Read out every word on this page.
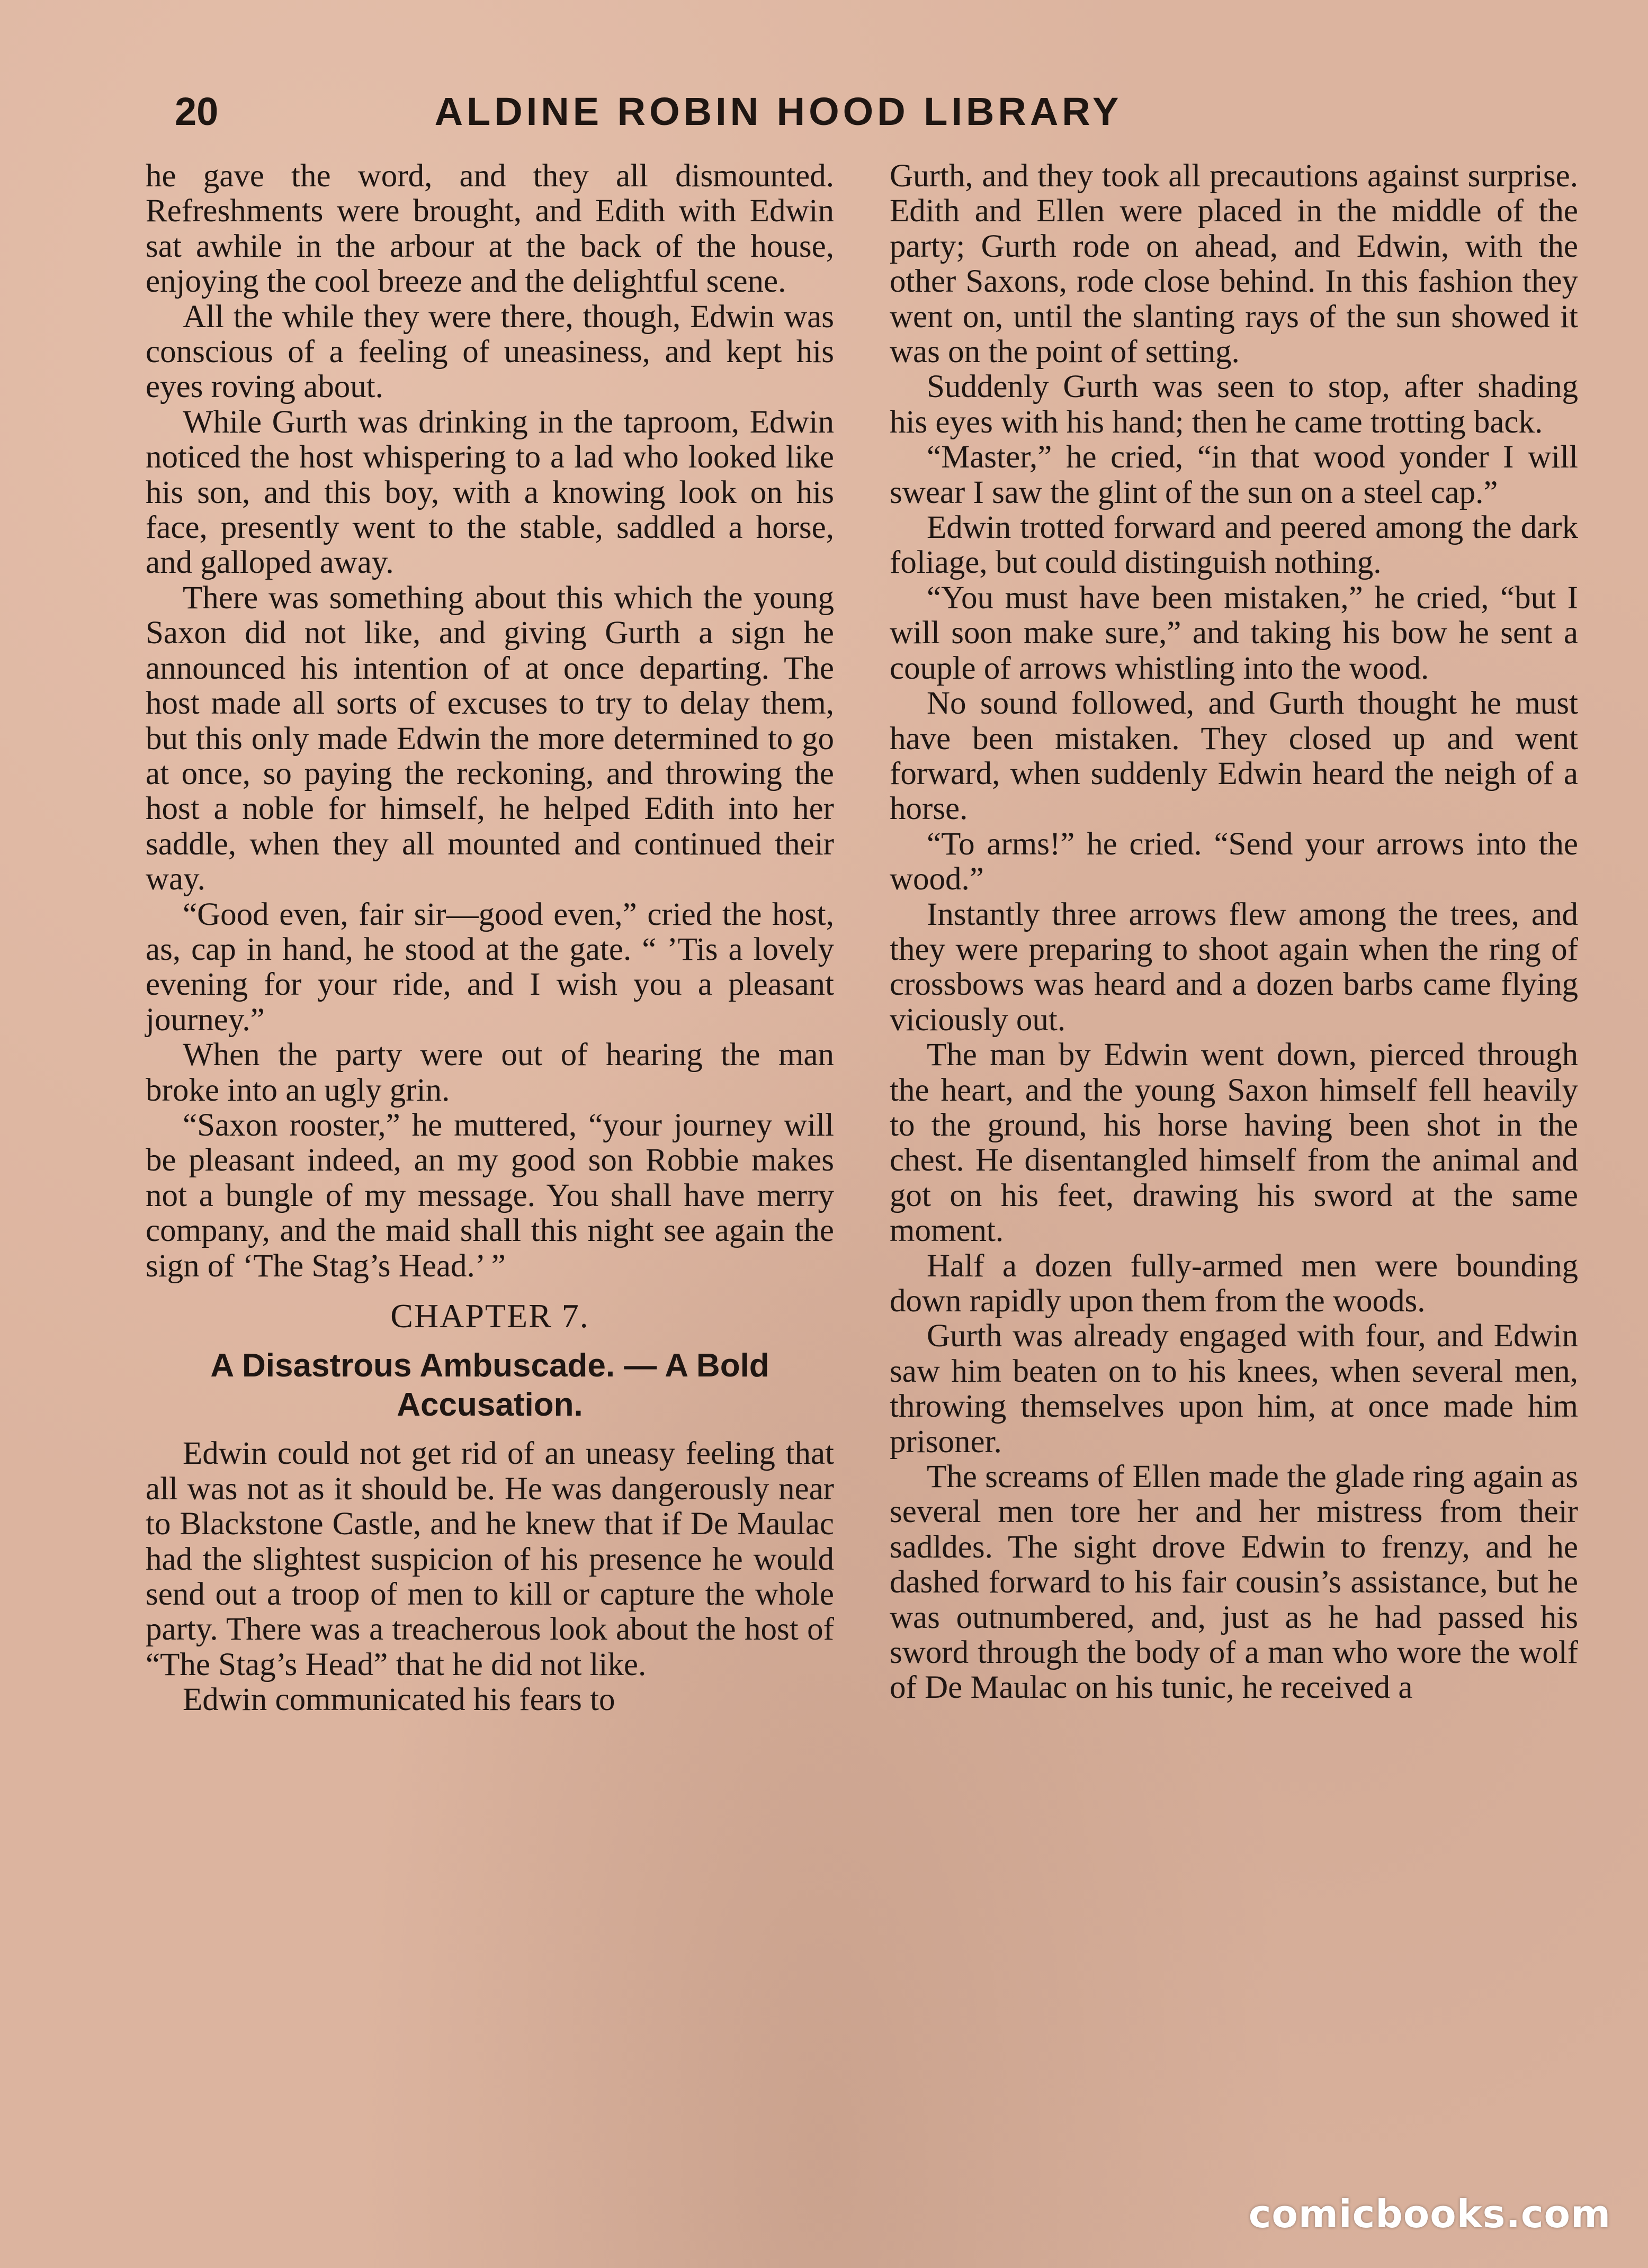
20	ALDINE ROBIN HOOD LIBRARY

he gave the word, and they all dismounted. Refreshments were brought, and Edith with Edwin sat awhile in the arbour at the back of the house, enjoying the cool breeze and the delightful scene.

All the while they were there, though, Edwin was conscious of a feeling of uneasiness, and kept his eyes roving about.

While Gurth was drinking in the taproom, Edwin noticed the host whispering to a lad who looked like his son, and this boy, with a knowing look on his face, presently went to the stable, saddled a horse, and galloped away.

There was something about this which the young Saxon did not like, and giving Gurth a sign he announced his intention of at once departing. The host made all sorts of excuses to try to delay them, but this only made Edwin the more determined to go at once, so paying the reckoning, and throwing the host a noble for himself, he helped Edith into her saddle, when they all mounted and continued their way.

“Good even, fair sir—good even,” cried the host, as, cap in hand, he stood at the gate. “ ’Tis a lovely evening for your ride, and I wish you a pleasant journey.”

When the party were out of hearing the man broke into an ugly grin.

“Saxon rooster,” he muttered, “your journey will be pleasant indeed, an my good son Robbie makes not a bungle of my message. You shall have merry company, and the maid shall this night see again the sign of ‘The Stag’s Head.’ ”

CHAPTER 7.
A Disastrous Ambuscade. — A Bold Accusation.

Edwin could not get rid of an uneasy feeling that all was not as it should be. He was dangerously near to Blackstone Castle, and he knew that if De Maulac had the slightest suspicion of his presence he would send out a troop of men to kill or capture the whole party. There was a treacherous look about the host of “The Stag’s Head” that he did not like.

Edwin communicated his fears to

Gurth, and they took all precautions against surprise. Edith and Ellen were placed in the middle of the party; Gurth rode on ahead, and Edwin, with the other Saxons, rode close behind. In this fashion they went on, until the slanting rays of the sun showed it was on the point of setting.

Suddenly Gurth was seen to stop, after shading his eyes with his hand; then he came trotting back.

“Master,” he cried, “in that wood yonder I will swear I saw the glint of the sun on a steel cap.”

Edwin trotted forward and peered among the dark foliage, but could distinguish nothing.

“You must have been mistaken,” he cried, “but I will soon make sure,” and taking his bow he sent a couple of arrows whistling into the wood.

No sound followed, and Gurth thought he must have been mistaken. They closed up and went forward, when suddenly Edwin heard the neigh of a horse.

“To arms!” he cried. “Send your arrows into the wood.”

Instantly three arrows flew among the trees, and they were preparing to shoot again when the ring of crossbows was heard and a dozen barbs came flying viciously out.

The man by Edwin went down, pierced through the heart, and the young Saxon himself fell heavily to the ground, his horse having been shot in the chest. He disentangled himself from the animal and got on his feet, drawing his sword at the same moment.

Half a dozen fully-armed men were bounding down rapidly upon them from the woods.

Gurth was already engaged with four, and Edwin saw him beaten on to his knees, when several men, throwing themselves upon him, at once made him prisoner.

The screams of Ellen made the glade ring again as several men tore her and her mistress from their sadldes. The sight drove Edwin to frenzy, and he dashed forward to his fair cousin’s assistance, but he was outnumbered, and, just as he had passed his sword through the body of a man who wore the wolf of De Maulac on his tunic, he received a

comicbooks.com
